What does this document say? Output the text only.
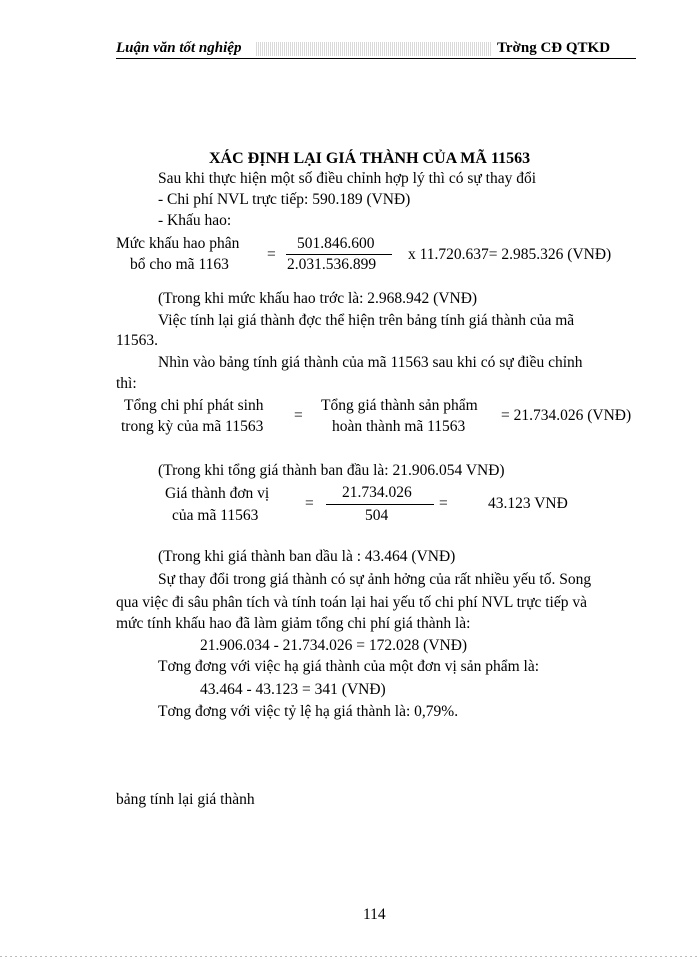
Luận văn tốt nghiệp	Trờng CĐ QTKD
XÁC ĐỊNH LẠI GIÁ THÀNH CỦA MÃ 11563
Sau khi thực hiện một số điều chỉnh hợp lý thì có sự thay đổi
- Chi phí NVL trực tiếp: 590.189 (VNĐ)
- Khấu hao:
Mức khấu hao phân
bổ cho mã 1163
=
501.846.600
2.031.536.899
x 11.720.637= 2.985.326 (VNĐ)
(Trong khi mức khấu hao trớc là: 2.968.942 (VNĐ)
Việc tính lại giá thành đợc thể hiện trên bảng tính giá thành của mã
11563.
Nhìn vào bảng tính giá thành của mã 11563 sau khi có sự điều chỉnh
thì:
Tổng chi phí phát sinh
trong kỳ của mã 11563
=
Tổng giá thành sản phẩm
hoàn thành mã 11563
= 21.734.026 (VNĐ)
(Trong khi tổng giá thành ban đầu là: 21.906.054 VNĐ)
Giá thành đơn vị
của mã 11563
=
21.734.026
504
=	43.123 VNĐ
(Trong khi giá thành ban dầu là : 43.464 (VNĐ)
Sự thay đổi trong giá thành có sự ảnh hởng của rất nhiều yếu tố. Song
qua việc đi sâu phân tích và tính toán lại hai yếu tố chi phí NVL trực tiếp và
mức tính khấu hao đã làm giảm tổng chi phí giá thành là:
21.906.034 - 21.734.026 = 172.028 (VNĐ)
Tơng đơng với việc hạ giá thành của một đơn vị sản phẩm là:
43.464 - 43.123 = 341 (VNĐ)
Tơng đơng với việc tỷ lệ hạ giá thành là: 0,79%.
bảng tính lại giá thành
114
